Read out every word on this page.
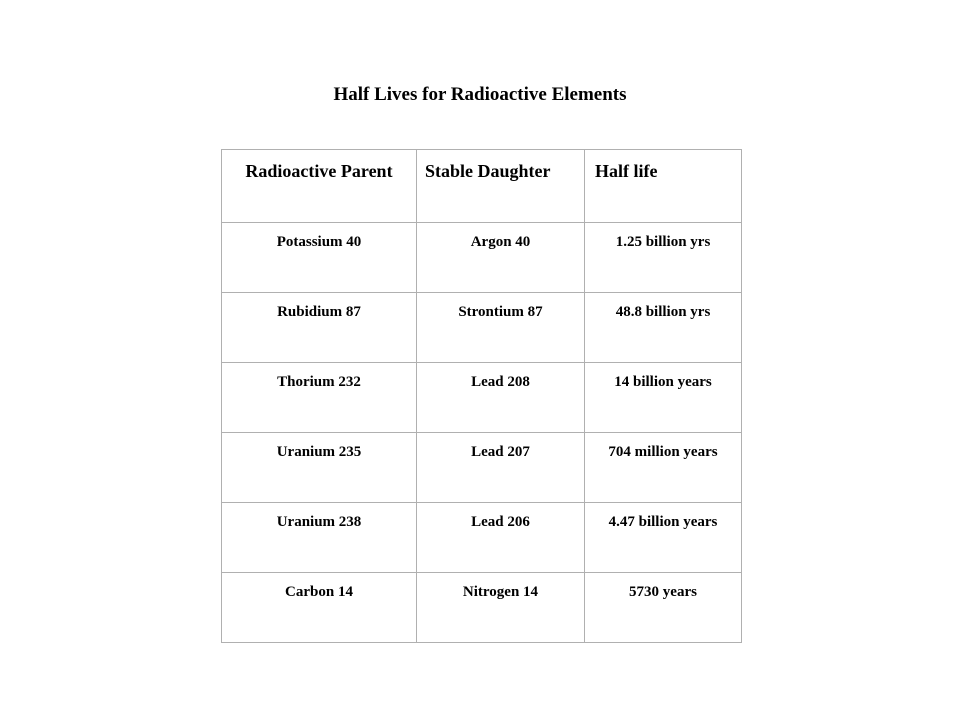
Half Lives for Radioactive Elements
Radioactive Parent	Stable Daughter	Half life
Potassium 40	Argon 40	1.25 billion yrs
Rubidium 87	Strontium 87	48.8 billion yrs
Thorium 232	Lead 208	14 billion years
Uranium 235	Lead 207	704 million years
Uranium 238	Lead 206	4.47 billion years
Carbon 14	Nitrogen 14	5730 years
